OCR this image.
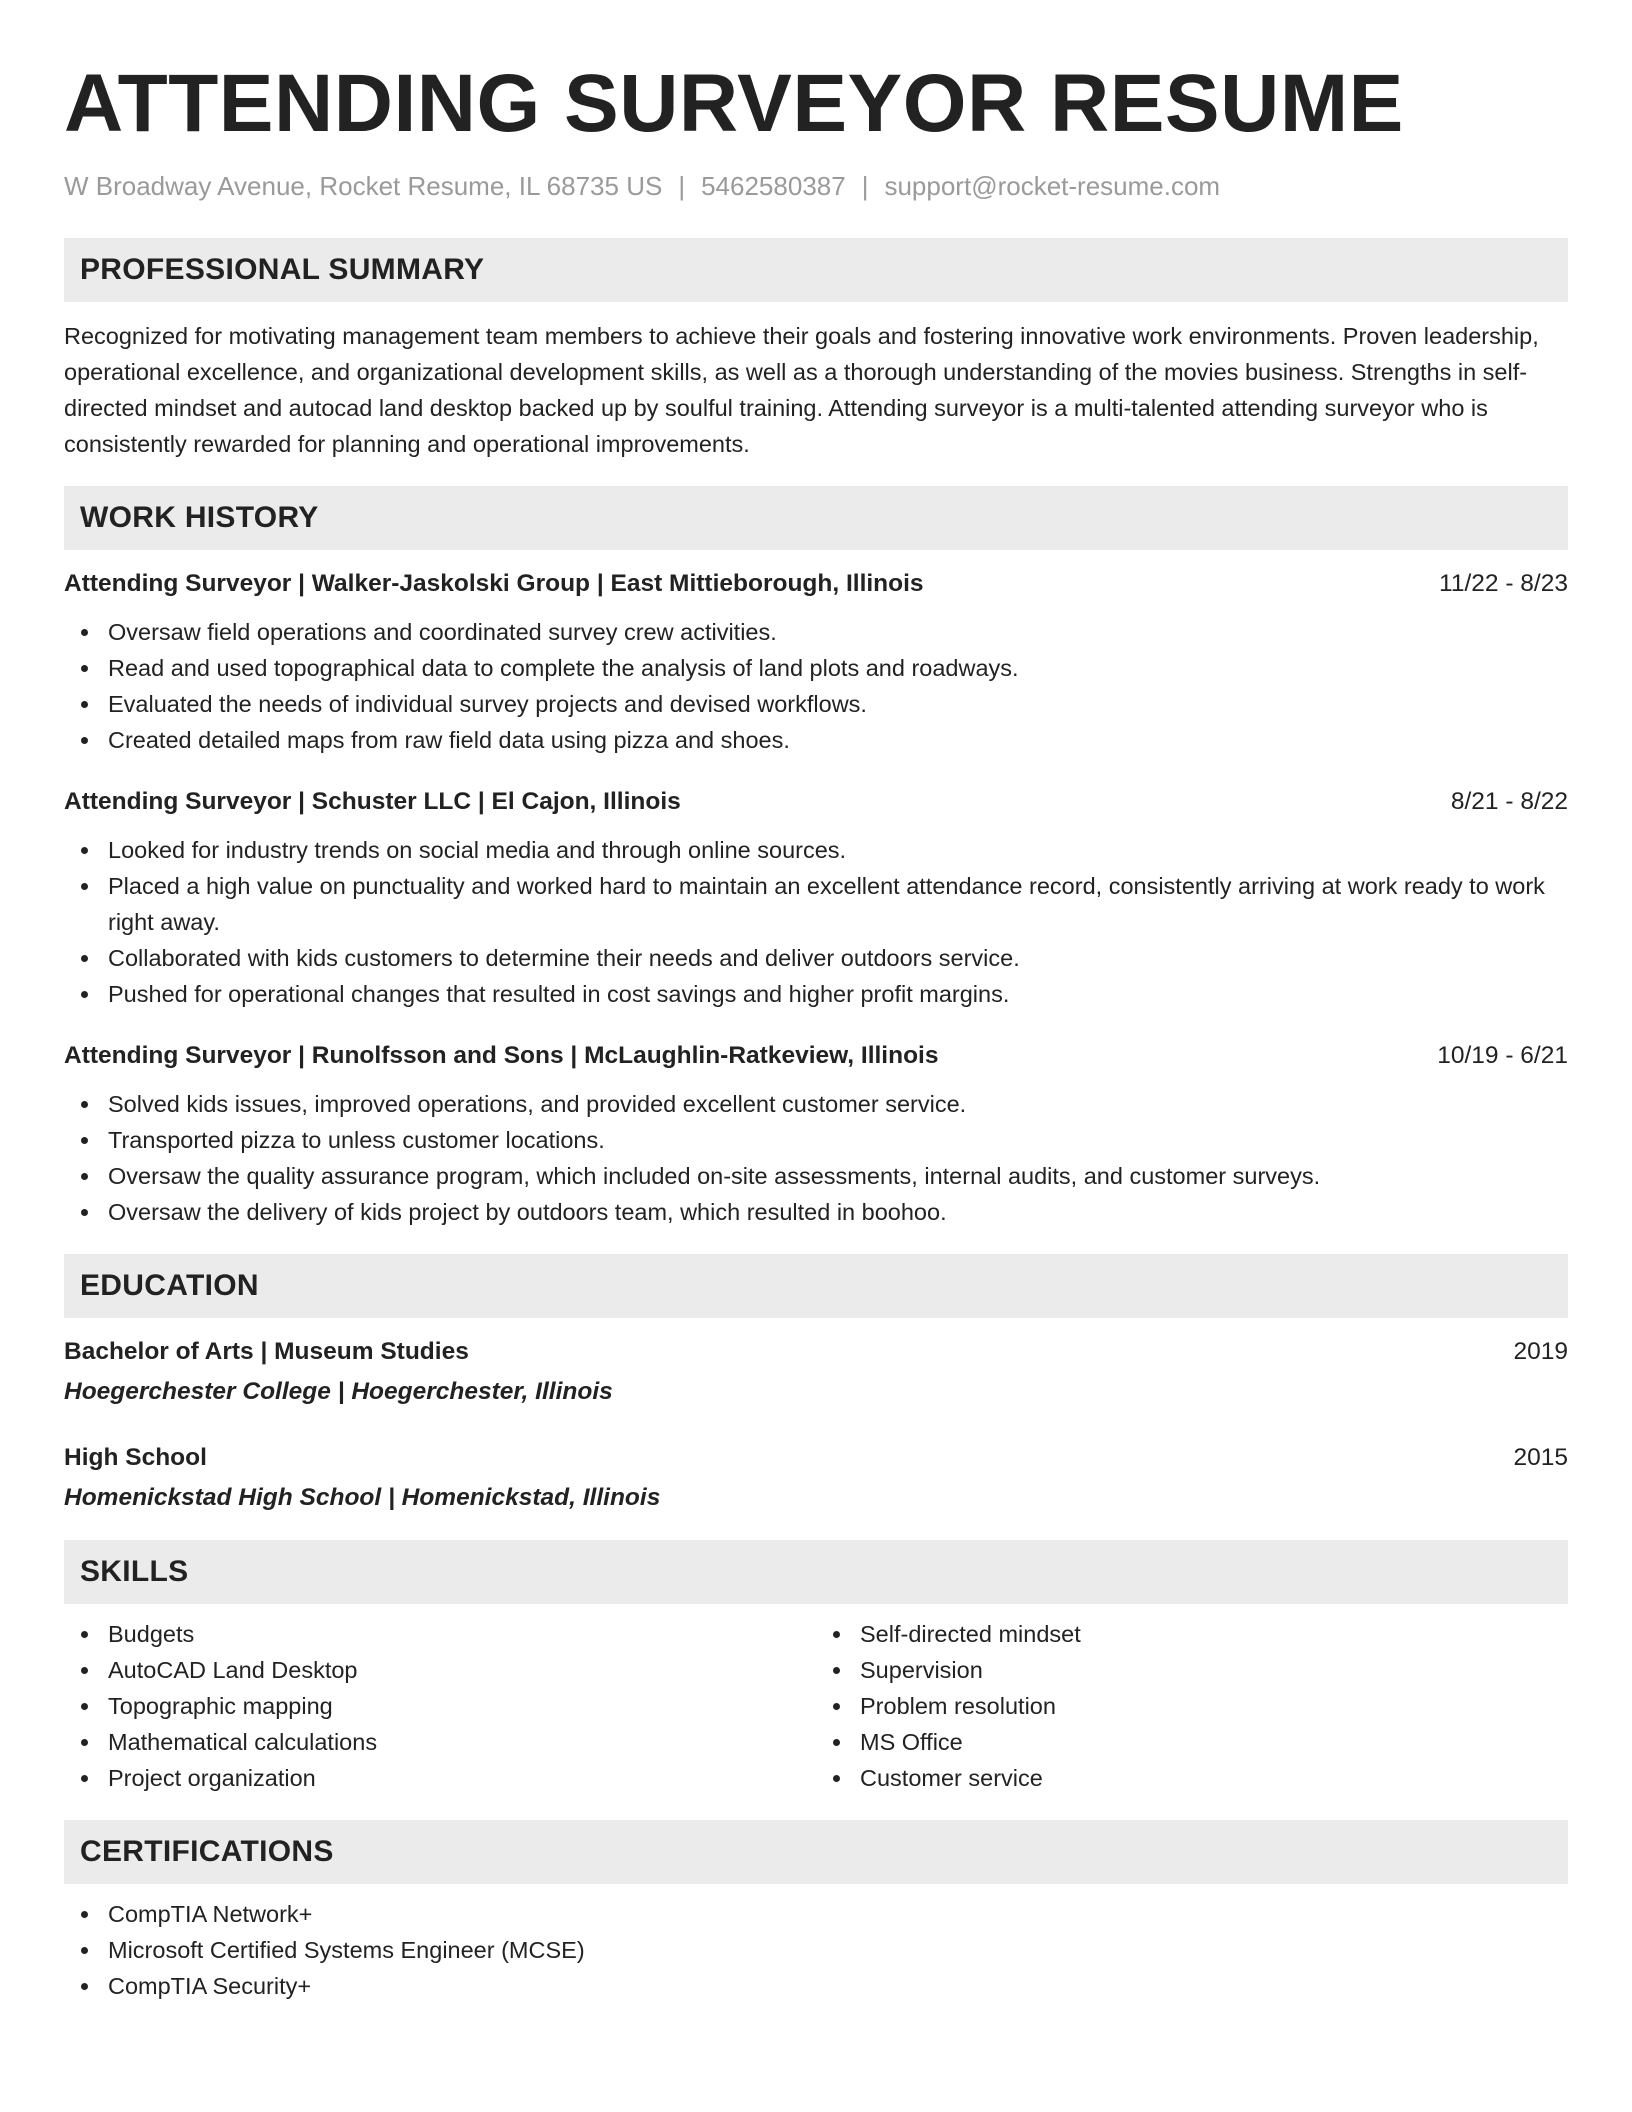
ATTENDING SURVEYOR RESUME
W Broadway Avenue, Rocket Resume, IL 68735 US | 5462580387 | support@rocket-resume.com
PROFESSIONAL SUMMARY

Recognized for motivating management team members to achieve their goals and fostering innovative work environments. Proven leadership, operational excellence, and organizational development skills, as well as a thorough understanding of the movies business. Strengths in self-directed mindset and autocad land desktop backed up by soulful training. Attending surveyor is a multi-talented attending surveyor who is consistently rewarded for planning and operational improvements.

WORK HISTORY
Attending Surveyor | Walker-Jaskolski Group | East Mittieborough, Illinois	11/22 - 8/23
Oversaw field operations and coordinated survey crew activities.
Read and used topographical data to complete the analysis of land plots and roadways.
Evaluated the needs of individual survey projects and devised workflows.
Created detailed maps from raw field data using pizza and shoes.
Attending Surveyor | Schuster LLC | El Cajon, Illinois	8/21 - 8/22
Looked for industry trends on social media and through online sources.
Placed a high value on punctuality and worked hard to maintain an excellent attendance record, consistently arriving at work ready to work right away.
Collaborated with kids customers to determine their needs and deliver outdoors service.
Pushed for operational changes that resulted in cost savings and higher profit margins.
Attending Surveyor | Runolfsson and Sons | McLaughlin-Ratkeview, Illinois	10/19 - 6/21
Solved kids issues, improved operations, and provided excellent customer service.
Transported pizza to unless customer locations.
Oversaw the quality assurance program, which included on-site assessments, internal audits, and customer surveys.
Oversaw the delivery of kids project by outdoors team, which resulted in boohoo.
EDUCATION
Bachelor of Arts | Museum Studies	2019
Hoegerchester College | Hoegerchester, Illinois
High School	2015
Homenickstad High School | Homenickstad, Illinois
SKILLS
Budgets
AutoCAD Land Desktop
Topographic mapping
Mathematical calculations
Project organization
Self-directed mindset
Supervision
Problem resolution
MS Office
Customer service
CERTIFICATIONS
CompTIA Network+
Microsoft Certified Systems Engineer (MCSE)
CompTIA Security+
